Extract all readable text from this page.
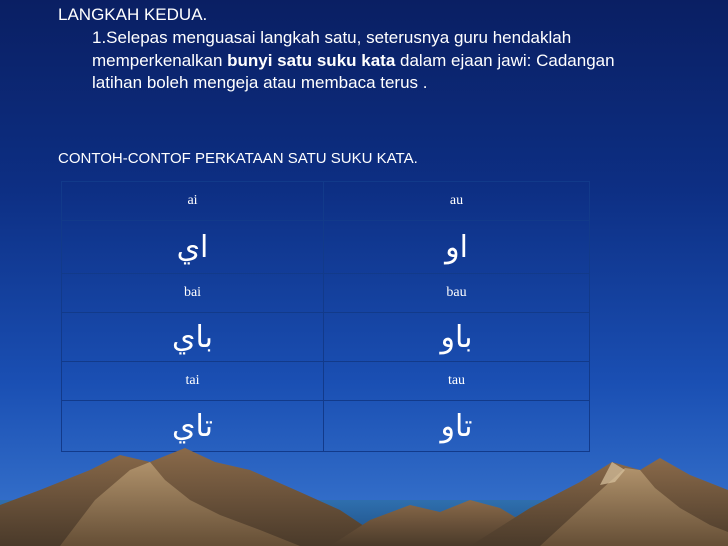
LANGKAH KEDUA.

1.Selepas menguasai langkah satu, seterusnya guru hendaklah memperkenalkan bunyi satu suku kata dalam ejaan jawi: Cadangan latihan boleh mengeja atau membaca terus .

CONTOH-CONTOF PERKATAAN SATU SUKU KATA.

ai	au
اي	او
bai	bau
باي	باو
tai	tau
تاي	تاو
